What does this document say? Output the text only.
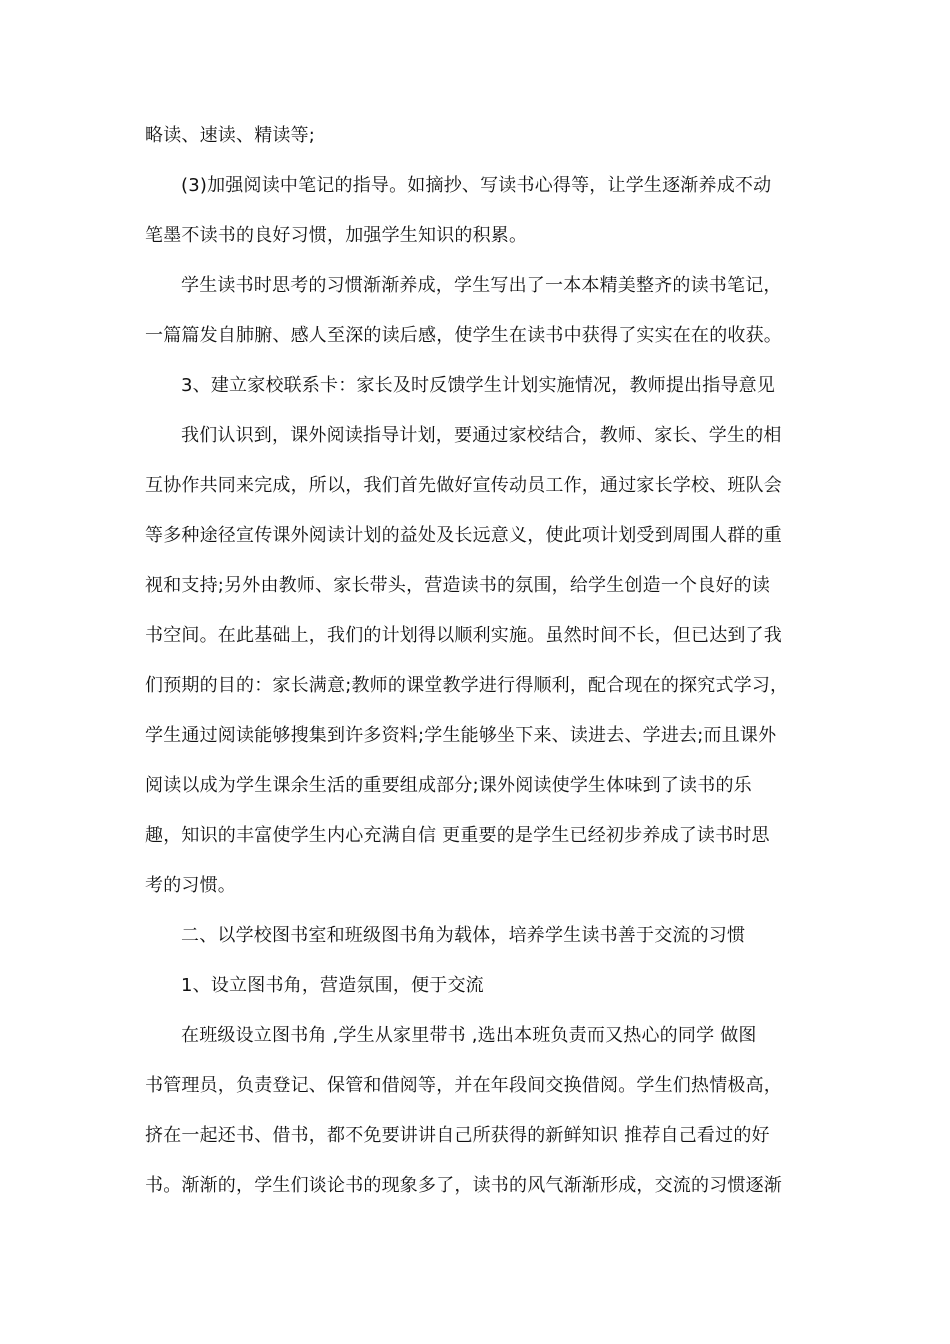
略读、速读、精读等;
(3)加强阅读中笔记的指导。如摘抄、写读书心得等，让学生逐渐养成不动
笔墨不读书的良好习惯，加强学生知识的积累。
学生读书时思考的习惯渐渐养成，学生写出了一本本精美整齐的读书笔记，
一篇篇发自肺腑、感人至深的读后感，使学生在读书中获得了实实在在的收获。
3、建立家校联系卡：家长及时反馈学生计划实施情况，教师提出指导意见
我们认识到，课外阅读指导计划，要通过家校结合，教师、家长、学生的相
互协作共同来完成，所以，我们首先做好宣传动员工作，通过家长学校、班队会
等多种途径宣传课外阅读计划的益处及长远意义，使此项计划受到周围人群的重
视和支持;另外由教师、家长带头，营造读书的氛围，给学生创造一个良好的读
书空间。在此基础上，我们的计划得以顺利实施。虽然时间不长，但已达到了我
们预期的目的：家长满意;教师的课堂教学进行得顺利，配合现在的探究式学习，
学生通过阅读能够搜集到许多资料;学生能够坐下来、读进去、学进去;而且课外
阅读以成为学生课余生活的重要组成部分;课外阅读使学生体味到了读书的乐
趣，知识的丰富使学生内心充满自信 更重要的是学生已经初步养成了读书时思
考的习惯。
二、以学校图书室和班级图书角为载体，培养学生读书善于交流的习惯
1、设立图书角，营造氛围，便于交流
在班级设立图书角 ,学生从家里带书 ,选出本班负责而又热心的同学 做图
书管理员，负责登记、保管和借阅等，并在年段间交换借阅。学生们热情极高，
挤在一起还书、借书，都不免要讲讲自己所获得的新鲜知识 推荐自己看过的好
书。渐渐的，学生们谈论书的现象多了，读书的风气渐渐形成，交流的习惯逐渐
